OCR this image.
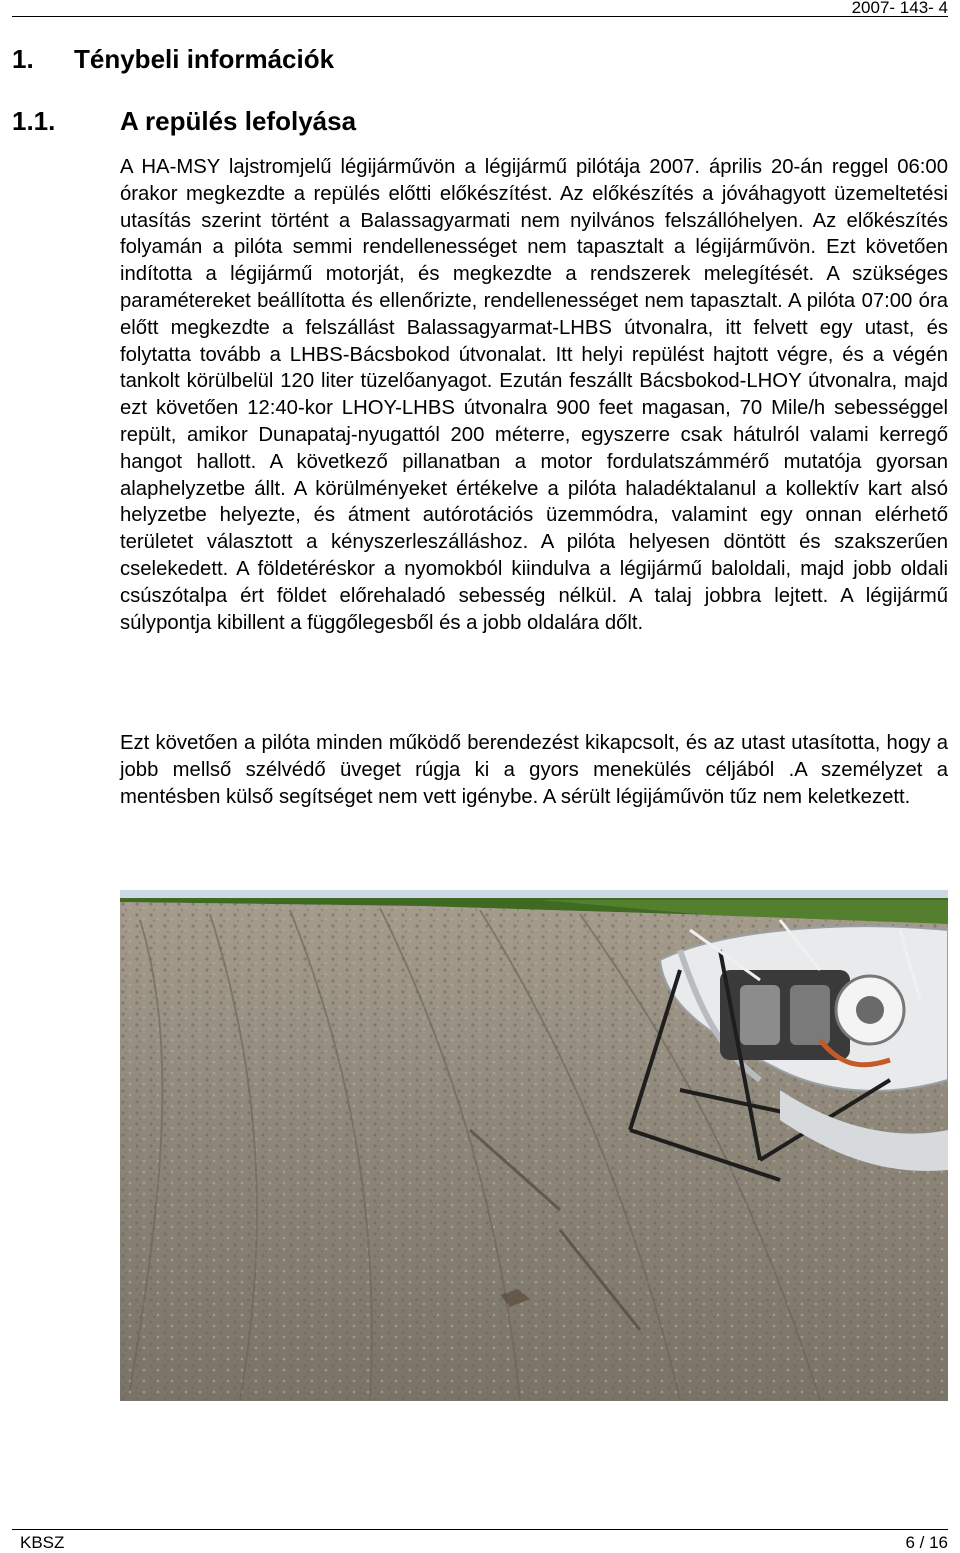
2007- 143- 4
1. Ténybeli információk
1.1. A repülés lefolyása

A HA-MSY lajstromjelű légijárművön a légijármű pilótája 2007. április 20-án reggel 06:00 órakor megkezdte a repülés előtti előkészítést. Az előkészítés a jóváhagyott üzemeltetési utasítás szerint történt a Balassagyarmati nem nyilvános felszállóhelyen. Az előkészítés folyamán a pilóta semmi rendellenességet nem tapasztalt a légijárművön. Ezt követően indította a légijármű motorját, és megkezdte a rendszerek melegítését. A szükséges paramétereket beállította és ellenőrizte, rendellenességet nem tapasztalt. A pilóta 07:00 óra előtt megkezdte a felszállást Balassagyarmat-LHBS útvonalra, itt felvett egy utast, és folytatta tovább a LHBS-Bácsbokod útvonalat. Itt helyi repülést hajtott végre, és a végén tankolt körülbelül 120 liter tüzelőanyagot. Ezután feszállt Bácsbokod-LHOY útvonalra, majd ezt követően 12:40-kor LHOY-LHBS útvonalra 900 feet magasan, 70 Mile/h sebességgel repült, amikor Dunapataj-nyugattól 200 méterre, egyszerre csak hátulról valami kerregő hangot hallott. A következő pillanatban a motor fordulatszámmérő mutatója gyorsan alaphelyzetbe állt. A körülményeket értékelve a pilóta haladéktalanul a kollektív kart alsó helyzetbe helyezte, és átment autórotációs üzemmódra, valamint egy onnan elérhető területet választott a kényszerleszálláshoz. A pilóta helyesen döntött és szakszerűen cselekedett. A földetéréskor a nyomokból kiindulva a légijármű baloldali, majd jobb oldali csúszótalpa ért földet előrehaladó sebesség nélkül. A talaj jobbra lejtett. A légijármű súlypontja kibillent a függőlegesből és a jobb oldalára dőlt.

Ezt követően a pilóta minden működő berendezést kikapcsolt, és az utast utasította, hogy a jobb mellső szélvédő üveget rúgja ki a gyors menekülés céljából .A személyzet a mentésben külső segítséget nem vett igénybe. A sérült légijáművön tűz nem keletkezett.

KBSZ	6 / 16
